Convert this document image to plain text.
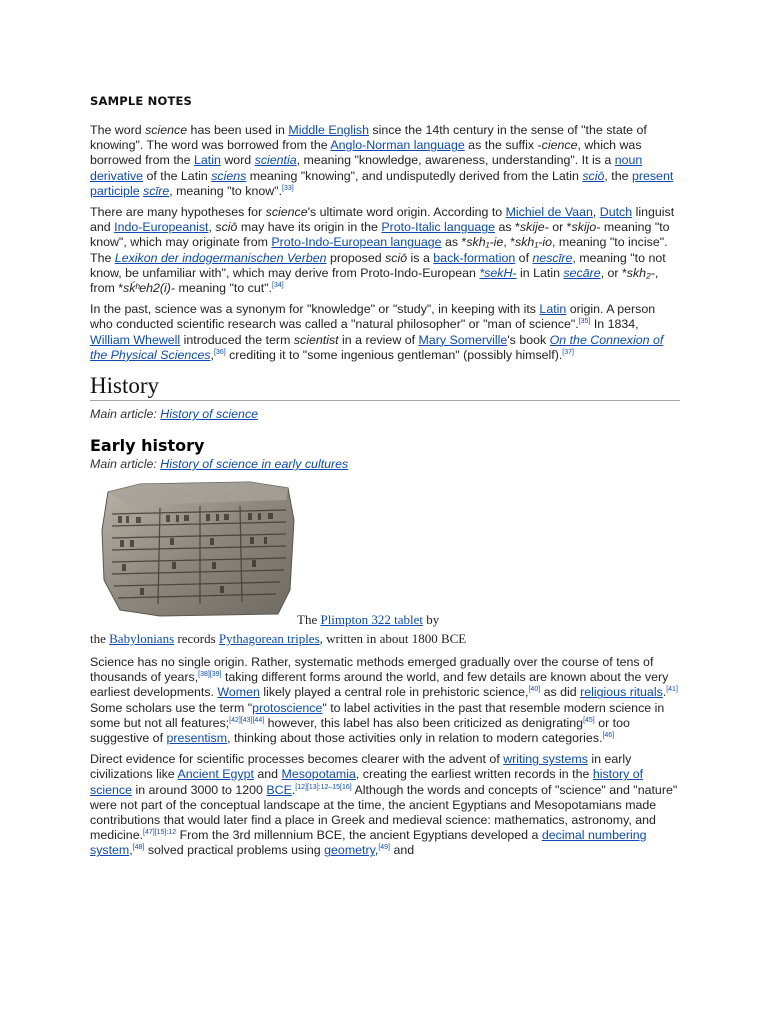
SAMPLE NOTES

The word science has been used in Middle English since the 14th century in the sense of "the state of knowing". The word was borrowed from the Anglo-Norman language as the suffix -cience, which was borrowed from the Latin word scientia, meaning "knowledge, awareness, understanding". It is a noun derivative of the Latin sciens meaning "knowing", and undisputedly derived from the Latin sciō, the present participle scīre, meaning "to know".[33]

There are many hypotheses for science's ultimate word origin. According to Michiel de Vaan, Dutch linguist and Indo-Europeanist, sciō may have its origin in the Proto-Italic language as *skije- or *skijo- meaning "to know", which may originate from Proto-Indo-European language as *skh₁-ie, *skh₁-io, meaning "to incise". The Lexikon der indogermanischen Verben proposed sciō is a back-formation of nescīre, meaning "to not know, be unfamiliar with", which may derive from Proto-Indo-European *sekH- in Latin secāre, or *skh₂-, from *sḱʰeh2(i)- meaning "to cut".[34]

In the past, science was a synonym for "knowledge" or "study", in keeping with its Latin origin. A person who conducted scientific research was called a "natural philosopher" or "man of science".[35] In 1834, William Whewell introduced the term scientist in a review of Mary Somerville's book On the Connexion of the Physical Sciences,[36] crediting it to "some ingenious gentleman" (possibly himself).[37]

History
Main article: History of science
Early history
Main article: History of science in early cultures
The Plimpton 322 tablet by

the Babylonians records Pythagorean triples, written in about 1800 BCE

Science has no single origin. Rather, systematic methods emerged gradually over the course of tens of thousands of years,[38][39] taking different forms around the world, and few details are known about the very earliest developments. Women likely played a central role in prehistoric science,[40] as did religious rituals.[41] Some scholars use the term "protoscience" to label activities in the past that resemble modern science in some but not all features;[42][43][44] however, this label has also been criticized as denigrating[45] or too suggestive of presentism, thinking about those activities only in relation to modern categories.[46]

Direct evidence for scientific processes becomes clearer with the advent of writing systems in early civilizations like Ancient Egypt and Mesopotamia, creating the earliest written records in the history of science in around 3000 to 1200 BCE.[12][13]:12–15[16] Although the words and concepts of "science" and "nature" were not part of the conceptual landscape at the time, the ancient Egyptians and Mesopotamians made contributions that would later find a place in Greek and medieval science: mathematics, astronomy, and medicine.$^{[47][15]:12}$ From the 3rd millennium BCE, the ancient Egyptians developed a decimal numbering system,[48] solved practical problems using geometry,[49] and
